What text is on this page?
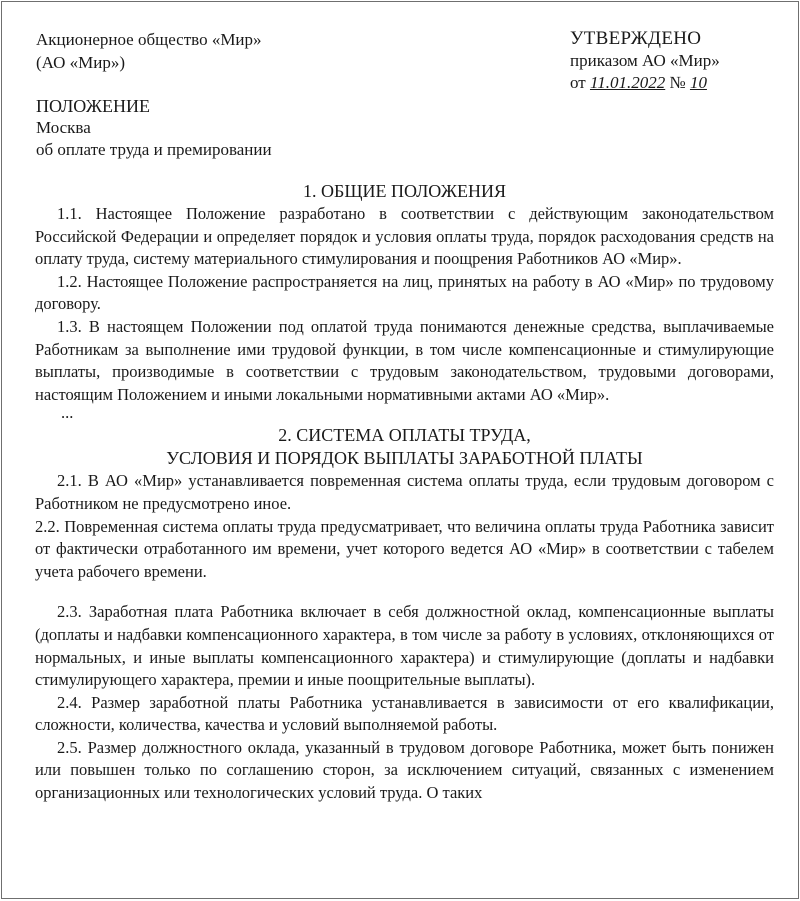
Акционерное общество «Мир»
(АО «Мир»)
УТВЕРЖДЕНО
приказом АО «Мир»
от 11.01.2022 № 10
ПОЛОЖЕНИЕ
Москва
об оплате труда и премировании
1. ОБЩИЕ ПОЛОЖЕНИЯ

1.1. Настоящее Положение разработано в соответствии с действующим законодательством Российской Федерации и определяет порядок и условия оплаты труда, порядок расходования средств на оплату труда, систему материального стимулирования и поощрения Работников АО «Мир».

1.2. Настоящее Положение распространяется на лиц, принятых на работу в АО «Мир» по трудовому договору.

1.3. В настоящем Положении под оплатой труда понимаются денежные средства, выплачиваемые Работникам за выполнение ими трудовой функции, в том числе компенсационные и стимулирующие выплаты, производимые в соответствии с трудовым законодательством, трудовыми договорами, настоящим Положением и иными локальными нормативными актами АО «Мир».

...
2. СИСТЕМА ОПЛАТЫ ТРУДА,
УСЛОВИЯ И ПОРЯДОК ВЫПЛАТЫ ЗАРАБОТНОЙ ПЛАТЫ

2.1. В АО «Мир» устанавливается повременная система оплаты труда, если трудовым договором с Работником не предусмотрено иное.

2.2. Повременная система оплаты труда предусматривает, что величина оплаты труда Работника зависит от фактически отработанного им времени, учет которого ведется АО «Мир» в соответствии с табелем учета рабочего времени.

2.3. Заработная плата Работника включает в себя должностной оклад, компенсационные выплаты (доплаты и надбавки компенсационного характера, в том числе за работу в условиях, отклоняющихся от нормальных, и иные выплаты компенсационного характера) и стимулирующие (доплаты и надбавки стимулирующего характера, премии и иные поощрительные выплаты).

2.4. Размер заработной платы Работника устанавливается в зависимости от его квалификации, сложности, количества, качества и условий выполняемой работы.

2.5. Размер должностного оклада, указанный в трудовом договоре Работника, может быть понижен или повышен только по соглашению сторон, за исключением ситуаций, связанных с изменением организационных или технологических условий труда. О таких
